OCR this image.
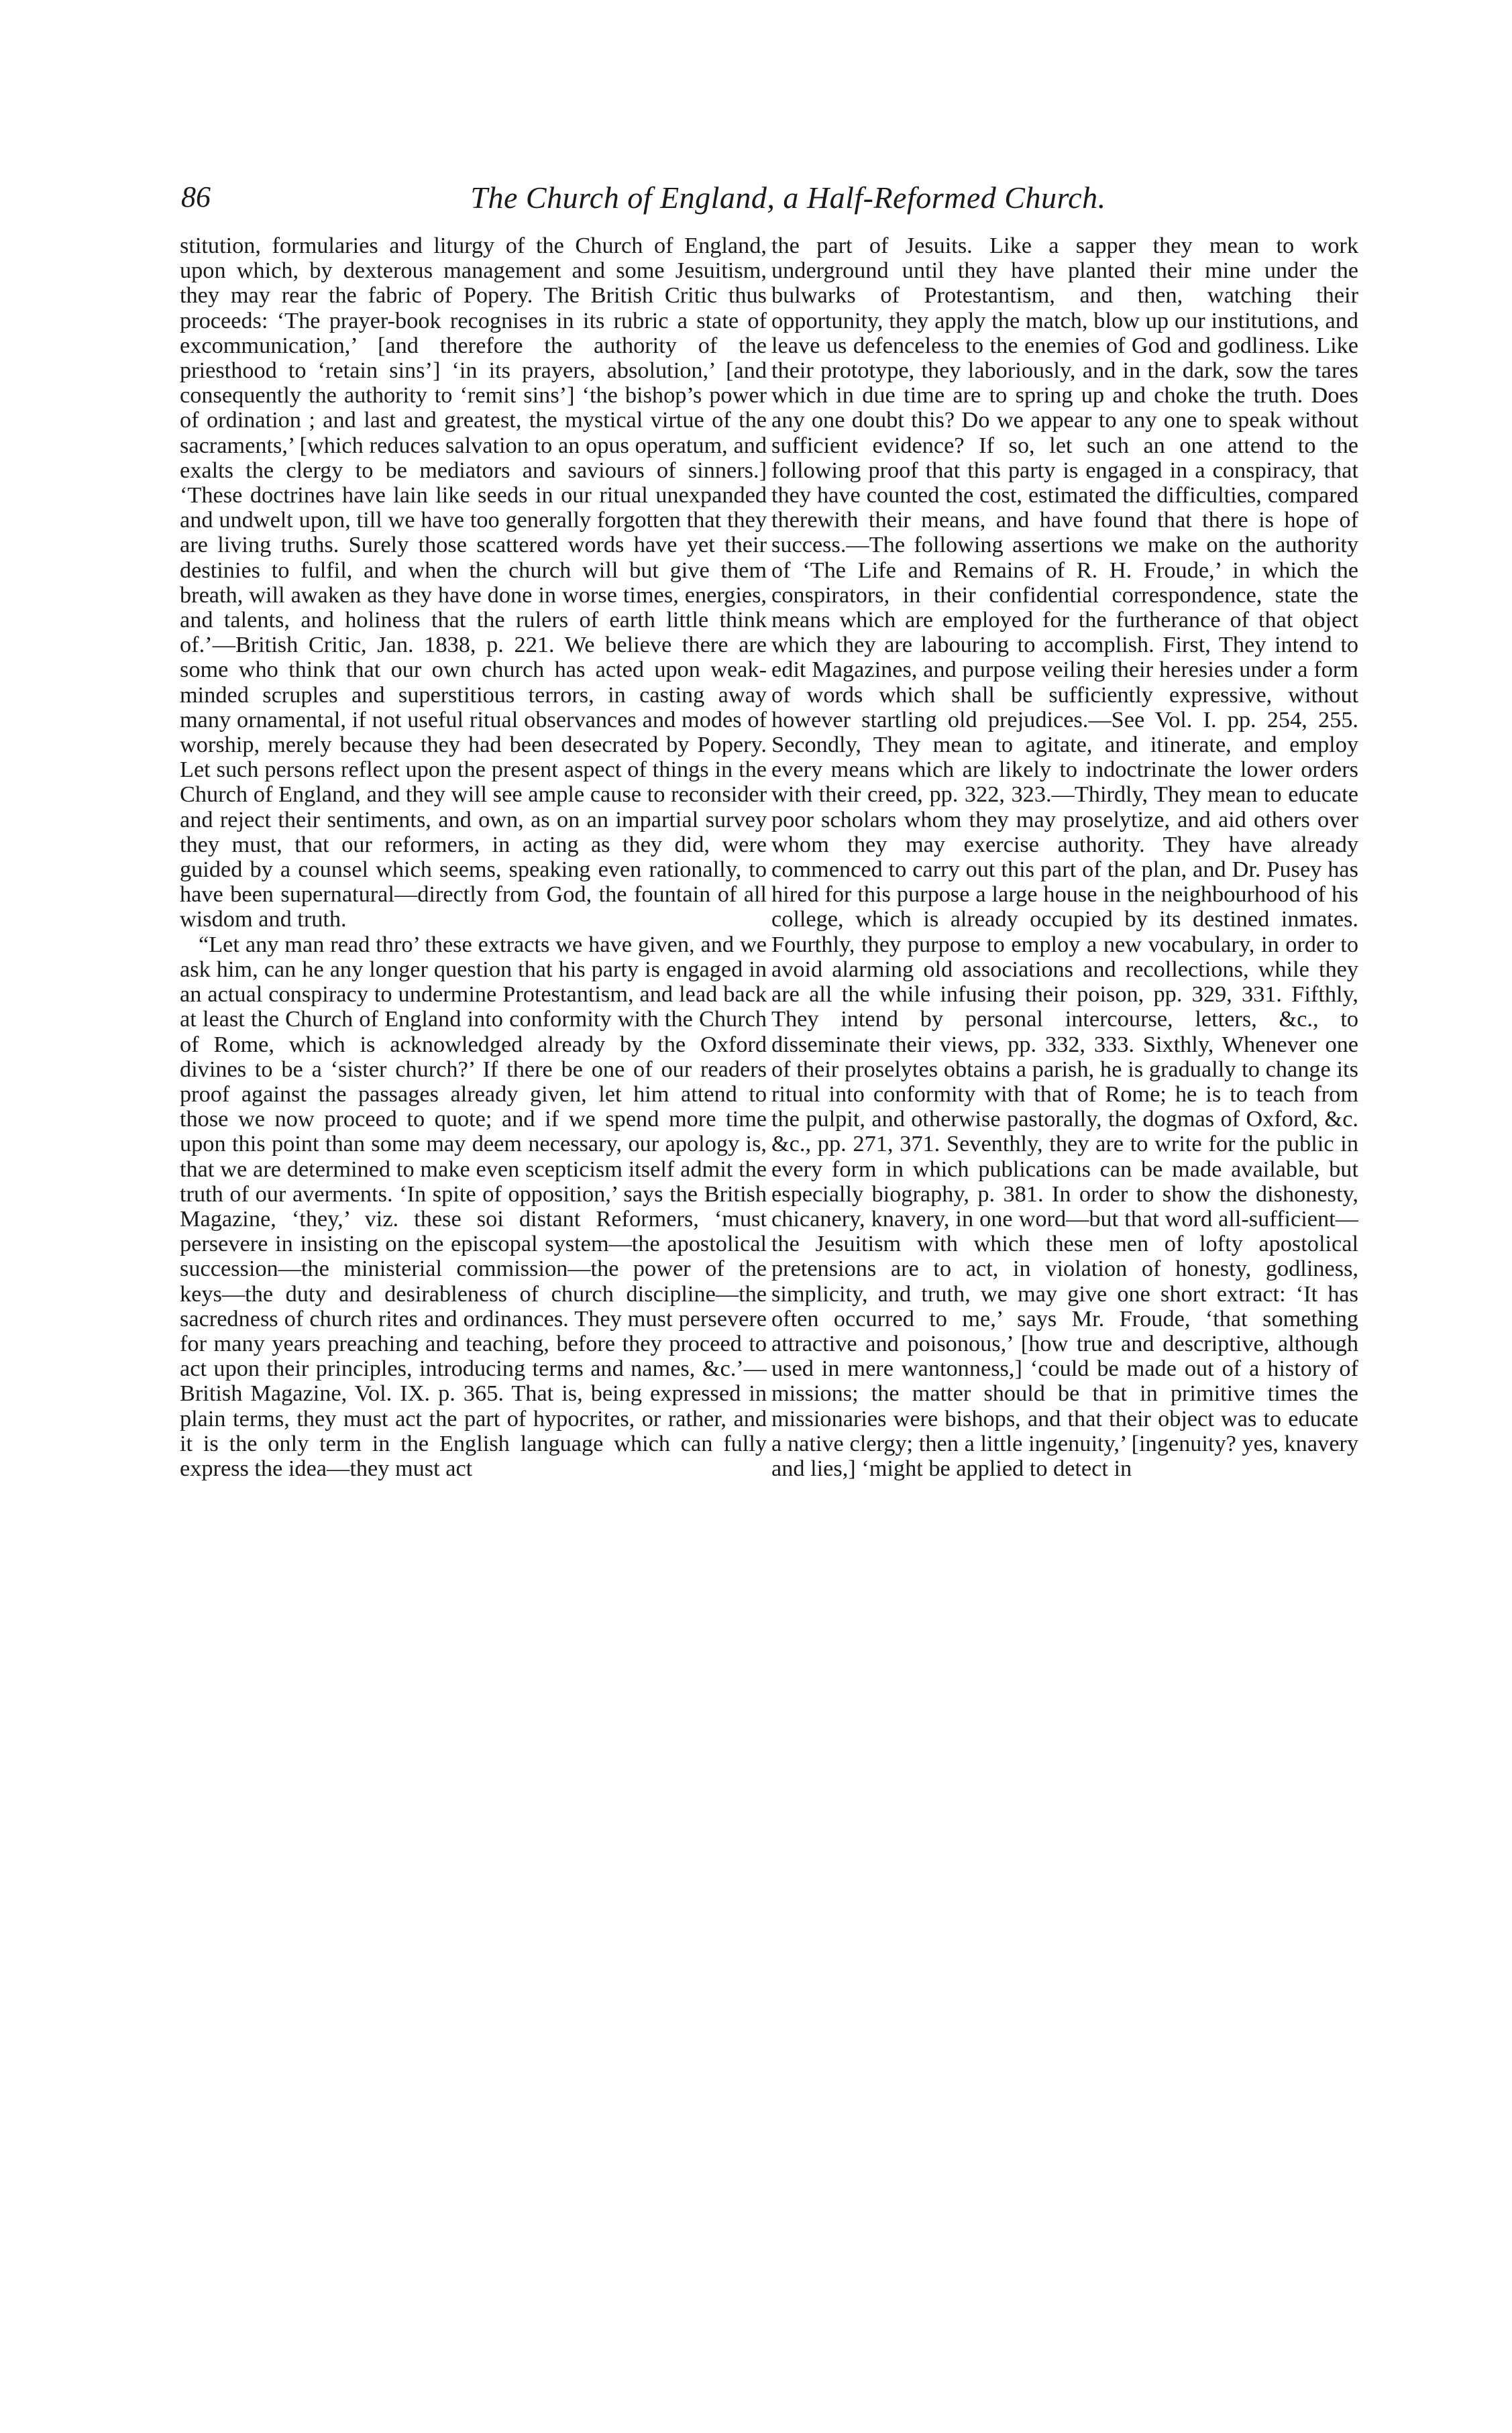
86	The Church of England, a Half-Reformed Church.

stitution, formularies and liturgy of the Church of England, upon which, by dexterous management and some Jesuitism, they may rear the fabric of Popery. The British Critic thus proceeds: ‘The prayer-book recognises in its rubric a state of excommunication,’ [and therefore the authority of the priesthood to ‘retain sins’] ‘in its prayers, absolution,’ [and consequently the authority to ‘remit sins’] ‘the bishop’s power of ordination ; and last and greatest, the mystical virtue of the sacraments,’ [which reduces salvation to an opus operatum, and exalts the clergy to be mediators and saviours of sinners.] ‘These doctrines have lain like seeds in our ritual unexpanded and undwelt upon, till we have too generally forgotten that they are living truths. Surely those scattered words have yet their destinies to fulfil, and when the church will but give them breath, will awaken as they have done in worse times, energies, and talents, and holiness that the rulers of earth little think of.’—British Critic, Jan. 1838, p. 221. We believe there are some who think that our own church has acted upon weak-minded scruples and superstitious terrors, in casting away many ornamental, if not useful ritual observances and modes of worship, merely because they had been desecrated by Popery. Let such persons reflect upon the present aspect of things in the Church of England, and they will see ample cause to reconsider and reject their sentiments, and own, as on an impartial survey they must, that our reformers, in acting as they did, were guided by a counsel which seems, speaking even rationally, to have been supernatural—directly from God, the fountain of all wisdom and truth.

“Let any man read thro’ these extracts we have given, and we ask him, can he any longer question that his party is engaged in an actual conspiracy to undermine Protestantism, and lead back at least the Church of England into conformity with the Church of Rome, which is acknowledged already by the Oxford divines to be a ‘sister church?’ If there be one of our readers proof against the passages already given, let him attend to those we now proceed to quote; and if we spend more time upon this point than some may deem necessary, our apology is, that we are determined to make even scepticism itself admit the truth of our averments. ‘In spite of opposition,’ says the British Magazine, ‘they,’ viz. these soi distant Reformers, ‘must persevere in insisting on the episcopal system—the apostolical succession—the ministerial commission—the power of the keys—the duty and desirableness of church discipline—the sacredness of church rites and ordinances. They must persevere for many years preaching and teaching, before they proceed to act upon their principles, introducing terms and names, &c.’—British Magazine, Vol. IX. p. 365. That is, being expressed in plain terms, they must act the part of hypocrites, or rather, and it is the only term in the English language which can fully express the idea—they must act

the part of Jesuits. Like a sapper they mean to work underground until they have planted their mine under the bulwarks of Protestantism, and then, watching their opportunity, they apply the match, blow up our institutions, and leave us defenceless to the enemies of God and godliness. Like their prototype, they laboriously, and in the dark, sow the tares which in due time are to spring up and choke the truth. Does any one doubt this? Do we appear to any one to speak without sufficient evidence? If so, let such an one attend to the following proof that this party is engaged in a conspiracy, that they have counted the cost, estimated the difficulties, compared therewith their means, and have found that there is hope of success.—The following assertions we make on the authority of ‘The Life and Remains of R. H. Froude,’ in which the conspirators, in their confidential correspondence, state the means which are employed for the furtherance of that object which they are labouring to accomplish. First, They intend to edit Magazines, and purpose veiling their heresies under a form of words which shall be sufficiently expressive, without however startling old prejudices.—See Vol. I. pp. 254, 255. Secondly, They mean to agitate, and itinerate, and employ every means which are likely to indoctrinate the lower orders with their creed, pp. 322, 323.—Thirdly, They mean to educate poor scholars whom they may proselytize, and aid others over whom they may exercise authority. They have already commenced to carry out this part of the plan, and Dr. Pusey has hired for this purpose a large house in the neighbourhood of his college, which is already occupied by its destined inmates. Fourthly, they purpose to employ a new vocabulary, in order to avoid alarming old associations and recollections, while they are all the while infusing their poison, pp. 329, 331. Fifthly, They intend by personal intercourse, letters, &c., to disseminate their views, pp. 332, 333. Sixthly, Whenever one of their proselytes obtains a parish, he is gradually to change its ritual into conformity with that of Rome; he is to teach from the pulpit, and otherwise pastorally, the dogmas of Oxford, &c. &c., pp. 271, 371. Seventhly, they are to write for the public in every form in which publications can be made available, but especially biography, p. 381. In order to show the dishonesty, chicanery, knavery, in one word—but that word all-sufficient—the Jesuitism with which these men of lofty apostolical pretensions are to act, in violation of honesty, godliness, simplicity, and truth, we may give one short extract: ‘It has often occurred to me,’ says Mr. Froude, ‘that something attractive and poisonous,’ [how true and descriptive, although used in mere wantonness,] ‘could be made out of a history of missions; the matter should be that in primitive times the missionaries were bishops, and that their object was to educate a native clergy; then a little ingenuity,’ [ingenuity? yes, knavery and lies,] ‘might be applied to detect in
